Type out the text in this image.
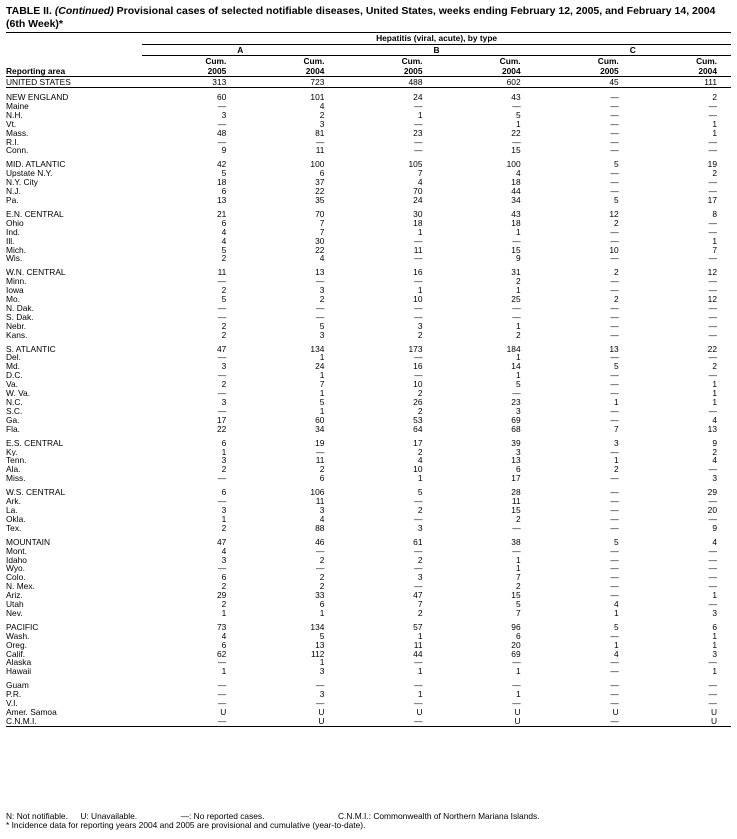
TABLE II. (Continued) Provisional cases of selected notifiable diseases, United States, weeks ending February 12, 2005, and February 14, 2004 (6th Week)*
	Hepatitis (viral, acute), by type					
	A		B		C	
	Cum.	Cum.	Cum.	Cum.	Cum.	Cum.
Reporting area	2005	2004	2005	2004	2005	2004
UNITED STATES	313	723	488	602	45	111

NEW ENGLAND	60	101	24	43	—	2
Maine	—	4	—	—	—	—
N.H.	3	2	1	5	—	—
Vt.	—	3	—	1	—	1
Mass.	48	81	23	22	—	1
R.I.	—	—	—	—	—	—
Conn.	9	11	—	15	—	—

MID. ATLANTIC	42	100	105	100	5	19
Upstate N.Y.	5	6	7	4	—	2
N.Y. City	18	37	4	18	—	—
N.J.	6	22	70	44	—	—
Pa.	13	35	24	34	5	17

E.N. CENTRAL	21	70	30	43	12	8
Ohio	6	7	18	18	2	—
Ind.	4	7	1	1	—	—
Ill.	4	30	—	—	—	1
Mich.	5	22	11	15	10	7
Wis.	2	4	—	9	—	—

W.N. CENTRAL	11	13	16	31	2	12
Minn.	—	—	—	2	—	—
Iowa	2	3	1	1	—	—
Mo.	5	2	10	25	2	12
N. Dak.	—	—	—	—	—	—
S. Dak.	—	—	—	—	—	—
Nebr.	2	5	3	1	—	—
Kans.	2	3	2	2	—	—

S. ATLANTIC	47	134	173	184	13	22
Del.	—	1	—	1	—	—
Md.	3	24	16	14	5	2
D.C.	—	1	—	1	—	—
Va.	2	7	10	5	—	1
W. Va.	—	1	2	—	—	1
N.C.	3	5	26	23	1	1
S.C.	—	1	2	3	—	—
Ga.	17	60	53	69	—	4
Fla.	22	34	64	68	7	13

E.S. CENTRAL	6	19	17	39	3	9
Ky.	1	—	2	3	—	2
Tenn.	3	11	4	13	1	4
Ala.	2	2	10	6	2	—
Miss.	—	6	1	17	—	3

W.S. CENTRAL	6	106	5	28	—	29
Ark.	—	11	—	11	—	—
La.	3	3	2	15	—	20
Okla.	1	4	—	2	—	—
Tex.	2	88	3	—	—	9

MOUNTAIN	47	46	61	38	5	4
Mont.	4	—	—	—	—	—
Idaho	3	2	2	1	—	—
Wyo.	—	—	—	1	—	—
Colo.	6	2	3	7	—	—
N. Mex.	2	2	—	2	—	—
Ariz.	29	33	47	15	—	1
Utah	2	6	7	5	4	—
Nev.	1	1	2	7	1	3

PACIFIC	73	134	57	96	5	6
Wash.	4	5	1	6	—	1
Oreg.	6	13	11	20	1	1
Calif.	62	112	44	69	4	3
Alaska	—	1	—	—	—	—
Hawaii	1	3	1	1	—	1

Guam	—	—	—	—	—	—
P.R.	—	3	1	1	—	—
V.I.	—	—	—	—	—	—
Amer. Samoa	U	U	U	U	U	U
C.N.M.I.	—	U	—	U	—	U
N: Not notifiable. U: Unavailable.	—: No reported cases.	C.N.M.I.: Commonwealth of Northern Mariana Islands.
* Incidence data for reporting years 2004 and 2005 are provisional and cumulative (year-to-date).
